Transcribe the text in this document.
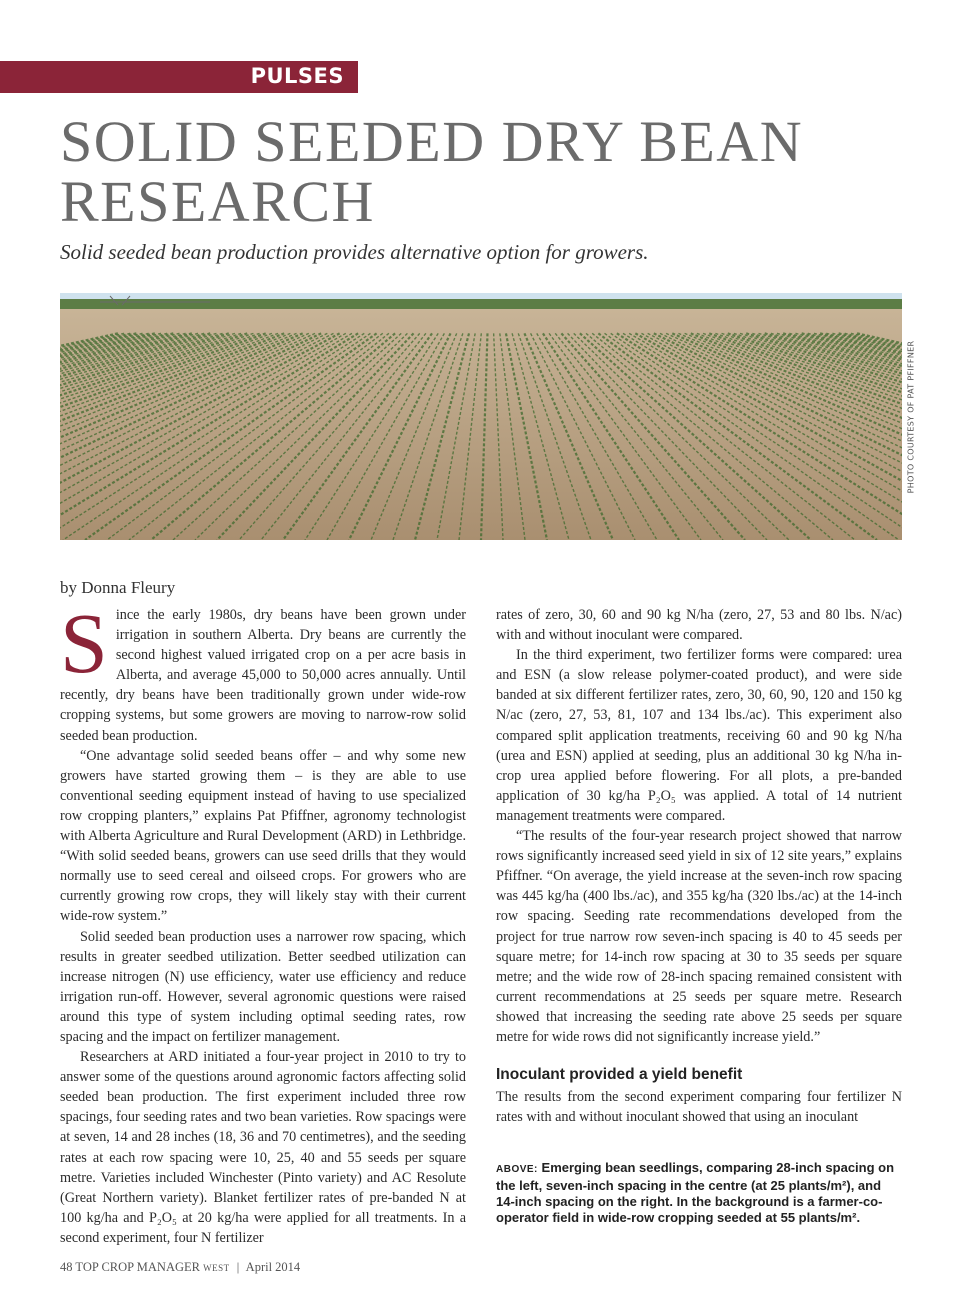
PULSES
SOLID SEEDED DRY BEAN
RESEARCH

Solid seeded bean production provides alternative option for growers.

PHOTO COURTESY OF PAT PFIFFNER
by Donna Fleury

Since the early 1980s, dry beans have been grown under irrigation in southern Alberta. Dry beans are currently the second highest valued irrigated crop on a per acre basis in Alberta, and average 45,000 to 50,000 acres annually. Until recently, dry beans have been traditionally grown under wide-row cropping systems, but some growers are moving to narrow-row solid seeded bean production.

“One advantage solid seeded beans offer – and why some new growers have started growing them – is they are able to use conventional seeding equipment instead of having to use specialized row cropping planters,” explains Pat Pfiffner, agronomy technologist with Alberta Agriculture and Rural Development (ARD) in Lethbridge. “With solid seeded beans, growers can use seed drills that they would normally use to seed cereal and oilseed crops. For growers who are currently growing row crops, they will likely stay with their current wide-row system.”

Solid seeded bean production uses a narrower row spacing, which results in greater seedbed utilization. Better seedbed utilization can increase nitrogen (N) use efficiency, water use efficiency and reduce irrigation run-off. However, several agronomic questions were raised around this type of system including optimal seeding rates, row spacing and the impact on fertilizer management.

Researchers at ARD initiated a four-year project in 2010 to try to answer some of the questions around agronomic factors affecting solid seeded bean production. The first experiment included three row spacings, four seeding rates and two bean varieties. Row spacings were at seven, 14 and 28 inches (18, 36 and 70 centimetres), and the seeding rates at each row spacing were 10, 25, 40 and 55 seeds per square metre. Varieties included Winchester (Pinto variety) and AC Resolute (Great Northern variety). Blanket fertilizer rates of pre-banded N at 100 kg/ha and P₂O₅ at 20 kg/ha were applied for all treatments. In a second experiment, four N fertilizer

rates of zero, 30, 60 and 90 kg N/ha (zero, 27, 53 and 80 lbs. N/ac) with and without inoculant were compared.

In the third experiment, two fertilizer forms were compared: urea and ESN (a slow release polymer-coated product), and were side banded at six different fertilizer rates, zero, 30, 60, 90, 120 and 150 kg N/ac (zero, 27, 53, 81, 107 and 134 lbs./ac). This experiment also compared split application treatments, receiving 60 and 90 kg N/ha (urea and ESN) applied at seeding, plus an additional 30 kg N/ha in-crop urea applied before flowering. For all plots, a pre-banded application of 30 kg/ha P₂O₅ was applied. A total of 14 nutrient management treatments were compared.

“The results of the four-year research project showed that narrow rows significantly increased seed yield in six of 12 site years,” explains Pfiffner. “On average, the yield increase at the seven-inch row spacing was 445 kg/ha (400 lbs./ac), and 355 kg/ha (320 lbs./ac) at the 14-inch row spacing. Seeding rate recommendations developed from the project for true narrow row seven-inch spacing is 40 to 45 seeds per square metre; for 14-inch row spacing at 30 to 35 seeds per square metre; and the wide row of 28-inch spacing remained consistent with current recommendations at 25 seeds per square metre. Research showed that increasing the seeding rate above 25 seeds per square metre for wide rows did not significantly increase yield.”

Inoculant provided a yield benefit

The results from the second experiment comparing four fertilizer N rates with and without inoculant showed that using an inoculant

ABOVE: Emerging bean seedlings, comparing 28-inch spacing on the left, seven-inch spacing in the centre (at 25 plants/m²), and 14-inch spacing on the right. In the background is a farmer-co-operator field in wide-row cropping seeded at 55 plants/m².
48 TOP CROP MANAGER WEST | April 2014
